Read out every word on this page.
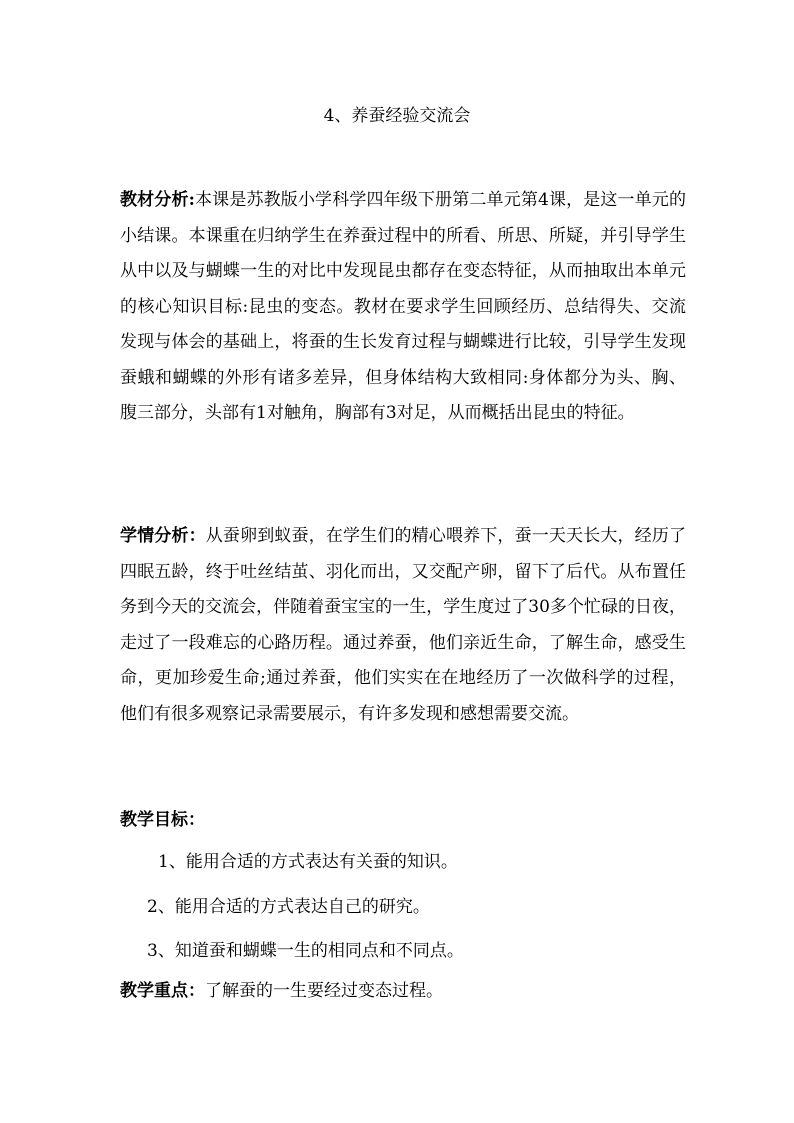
4、养蚕经验交流会

教材分析:本课是苏教版小学科学四年级下册第二单元第4课，是这一单元的小结课。本课重在归纳学生在养蚕过程中的所看、所思、所疑，并引导学生从中以及与蝴蝶一生的对比中发现昆虫都存在变态特征，从而抽取出本单元的核心知识目标:昆虫的变态。教材在要求学生回顾经历、总结得失、交流发现与体会的基础上，将蚕的生长发育过程与蝴蝶进行比较，引导学生发现蚕蛾和蝴蝶的外形有诸多差异，但身体结构大致相同:身体都分为头、胸、腹三部分，头部有1对触角，胸部有3对足，从而概括出昆虫的特征。

学情分析：从蚕卵到蚁蚕，在学生们的精心喂养下，蚕一天天长大，经历了四眠五龄，终于吐丝结茧、羽化而出，又交配产卵，留下了后代。从布置任务到今天的交流会，伴随着蚕宝宝的一生，学生度过了30多个忙碌的日夜，走过了一段难忘的心路历程。通过养蚕，他们亲近生命，了解生命，感受生命，更加珍爱生命;通过养蚕，他们实实在在地经历了一次做科学的过程，他们有很多观察记录需要展示，有许多发现和感想需要交流。

教学目标：

1、能用合适的方式表达有关蚕的知识。

2、能用合适的方式表达自己的研究。

3、知道蚕和蝴蝶一生的相同点和不同点。

教学重点：了解蚕的一生要经过变态过程。
